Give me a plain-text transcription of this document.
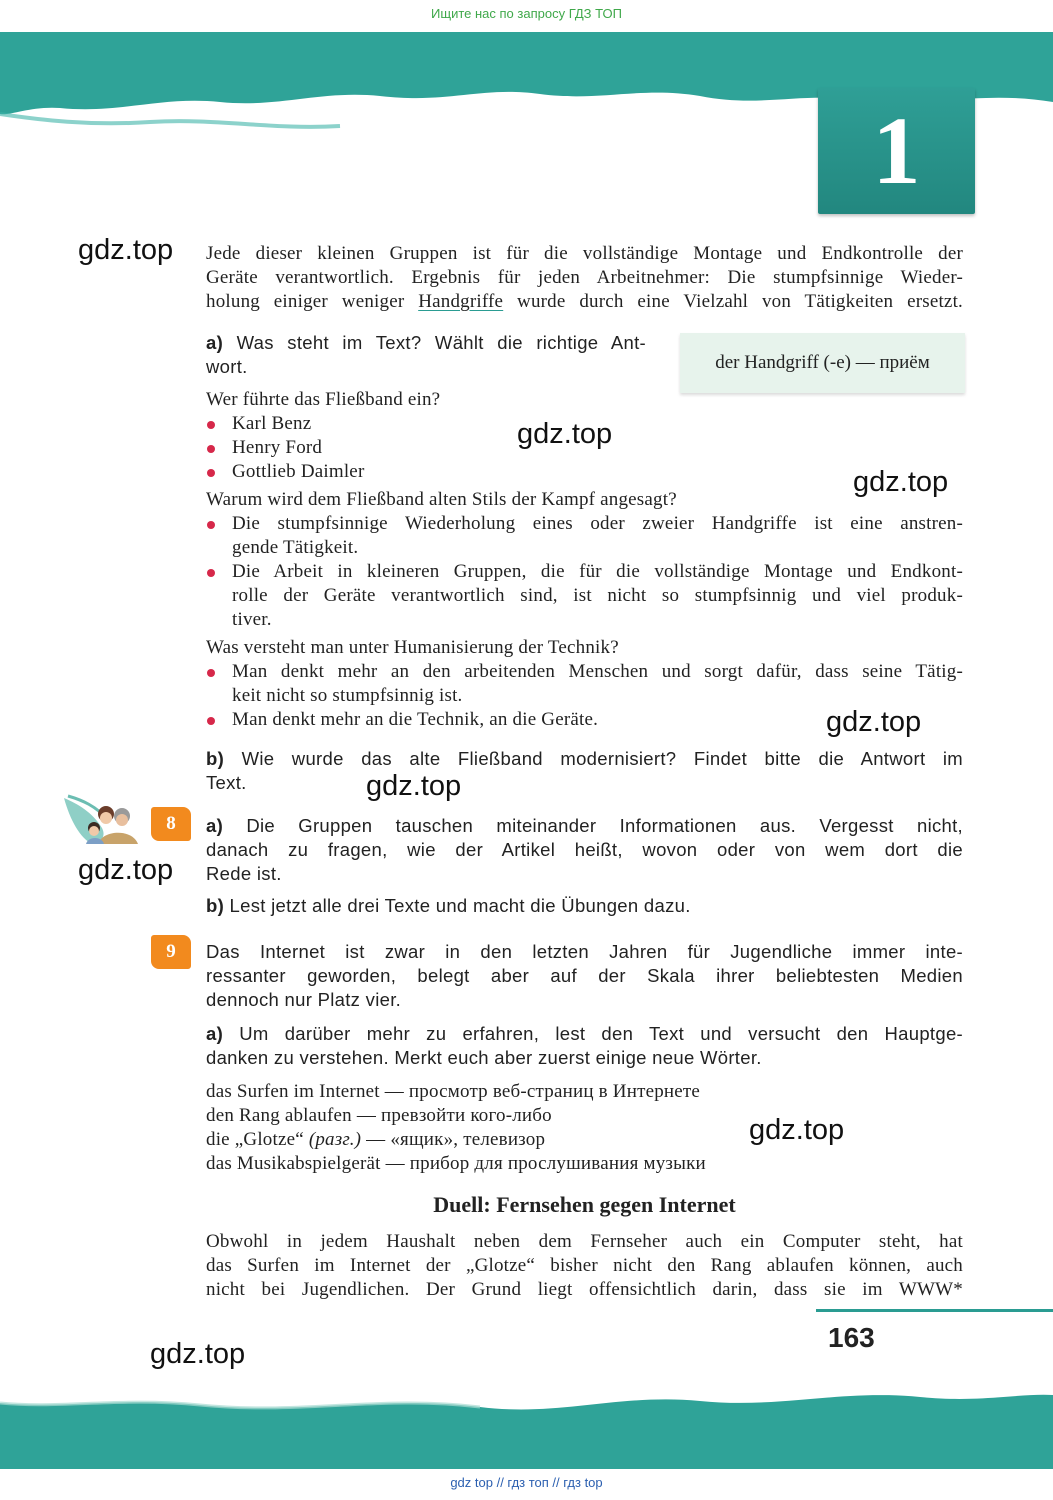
Ищите нас по запросу ГДЗ ТОП
1
gdz.top
gdz.top
gdz.top
gdz.top
gdz.top
gdz.top
gdz.top
gdz.top
Jede dieser kleinen Gruppen ist für die vollständige Montage und Endkontrolle der
Geräte verantwortlich. Ergebnis für jeden Arbeitnehmer: Die stumpfsinnige Wieder-
holung einiger weniger Handgriffe wurde durch eine Vielzahl von Tätigkeiten ersetzt.
der Handgriff (-e) — приём
a) Was steht im Text? Wählt die richtige Ant-
wort.
Wer führte das Fließband ein?
Karl Benz
Henry Ford
Gottlieb Daimler
Warum wird dem Fließband alten Stils der Kampf angesagt?
Die stumpfsinnige Wiederholung eines oder zweier Handgriffe ist eine anstren-
gende Tätigkeit.
Die Arbeit in kleineren Gruppen, die für die vollständige Montage und Endkont-
rolle der Geräte verantwortlich sind, ist nicht so stumpfsinnig und viel produk-
tiver.
Was versteht man unter Humanisierung der Technik?
Man denkt mehr an den arbeitenden Menschen und sorgt dafür, dass seine Tätig-
keit nicht so stumpfsinnig ist.
Man denkt mehr an die Technik, an die Geräte.
b) Wie wurde das alte Fließband modernisiert? Findet bitte die Antwort im
Text.
8	a) Die Gruppen tauschen miteinander Informationen aus. Vergesst nicht,
danach zu fragen, wie der Artikel heißt, wovon oder von wem dort die
Rede ist.
b) Lest jetzt alle drei Texte und macht die Übungen dazu.
9	Das Internet ist zwar in den letzten Jahren für Jugendliche immer inte-
ressanter geworden, belegt aber auf der Skala ihrer beliebtesten Medien
dennoch nur Platz vier.
a) Um darüber mehr zu erfahren, lest den Text und versucht den Hauptge-
danken zu verstehen. Merkt euch aber zuerst einige neue Wörter.
das Surfen im Internet — просмотр веб-страниц в Интернете
den Rang ablaufen — превзойти кого-либо
die „Glotze“ (разг.) — «ящик», телевизор
das Musikabspielgerät — прибор для прослушивания музыки
Duell: Fernsehen gegen Internet
Obwohl in jedem Haushalt neben dem Fernseher auch ein Computer steht, hat
das Surfen im Internet der „Glotze“ bisher nicht den Rang ablaufen können, auch
nicht bei Jugendlichen. Der Grund liegt offensichtlich darin, dass sie im WWW*
163
gdz top // гдз топ // гдз top
